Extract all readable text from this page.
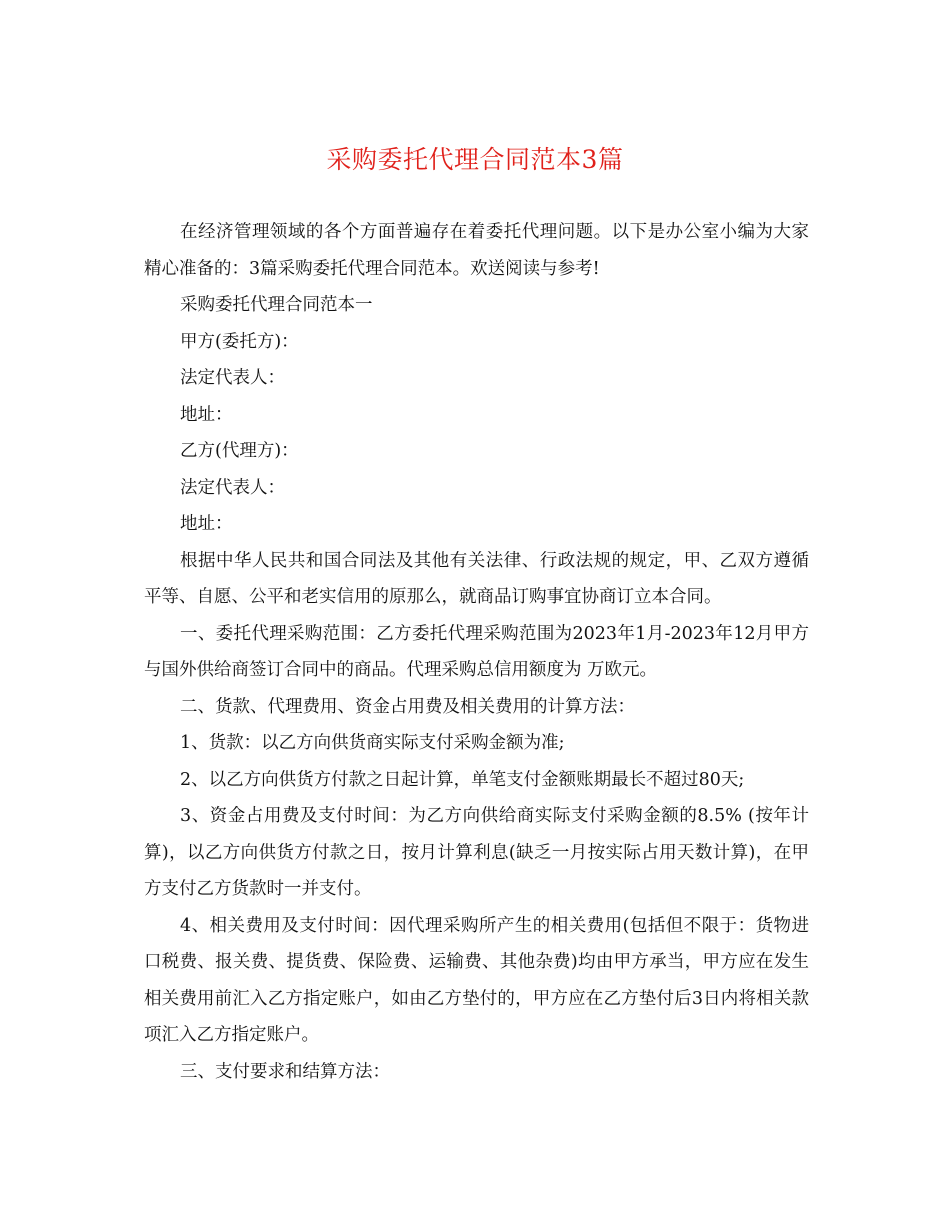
采购委托代理合同范本3篇

在经济管理领域的各个方面普遍存在着委托代理问题。以下是办公室小编为大家精心准备的：3篇采购委托代理合同范本。欢送阅读与参考!

采购委托代理合同范本一

甲方(委托方)：

法定代表人：

地址：

乙方(代理方)：

法定代表人：

地址：

根据中华人民共和国合同法及其他有关法律、行政法规的规定，甲、乙双方遵循平等、自愿、公平和老实信用的原那么，就商品订购事宜协商订立本合同。

一、委托代理采购范围：乙方委托代理采购范围为2023年1月-2023年12月甲方与国外供给商签订合同中的商品。代理采购总信用额度为 万欧元。

二、货款、代理费用、资金占用费及相关费用的计算方法：

1、货款：以乙方向供货商实际支付采购金额为准;

2、以乙方向供货方付款之日起计算，单笔支付金额账期最长不超过80天;

3、资金占用费及支付时间：为乙方向供给商实际支付采购金额的8.5% (按年计算)，以乙方向供货方付款之日，按月计算利息(缺乏一月按实际占用天数计算)，在甲方支付乙方货款时一并支付。

4、相关费用及支付时间：因代理采购所产生的相关费用(包括但不限于：货物进口税费、报关费、提货费、保险费、运输费、其他杂费)均由甲方承当，甲方应在发生相关费用前汇入乙方指定账户，如由乙方垫付的，甲方应在乙方垫付后3日内将相关款项汇入乙方指定账户。

三、支付要求和结算方法：
